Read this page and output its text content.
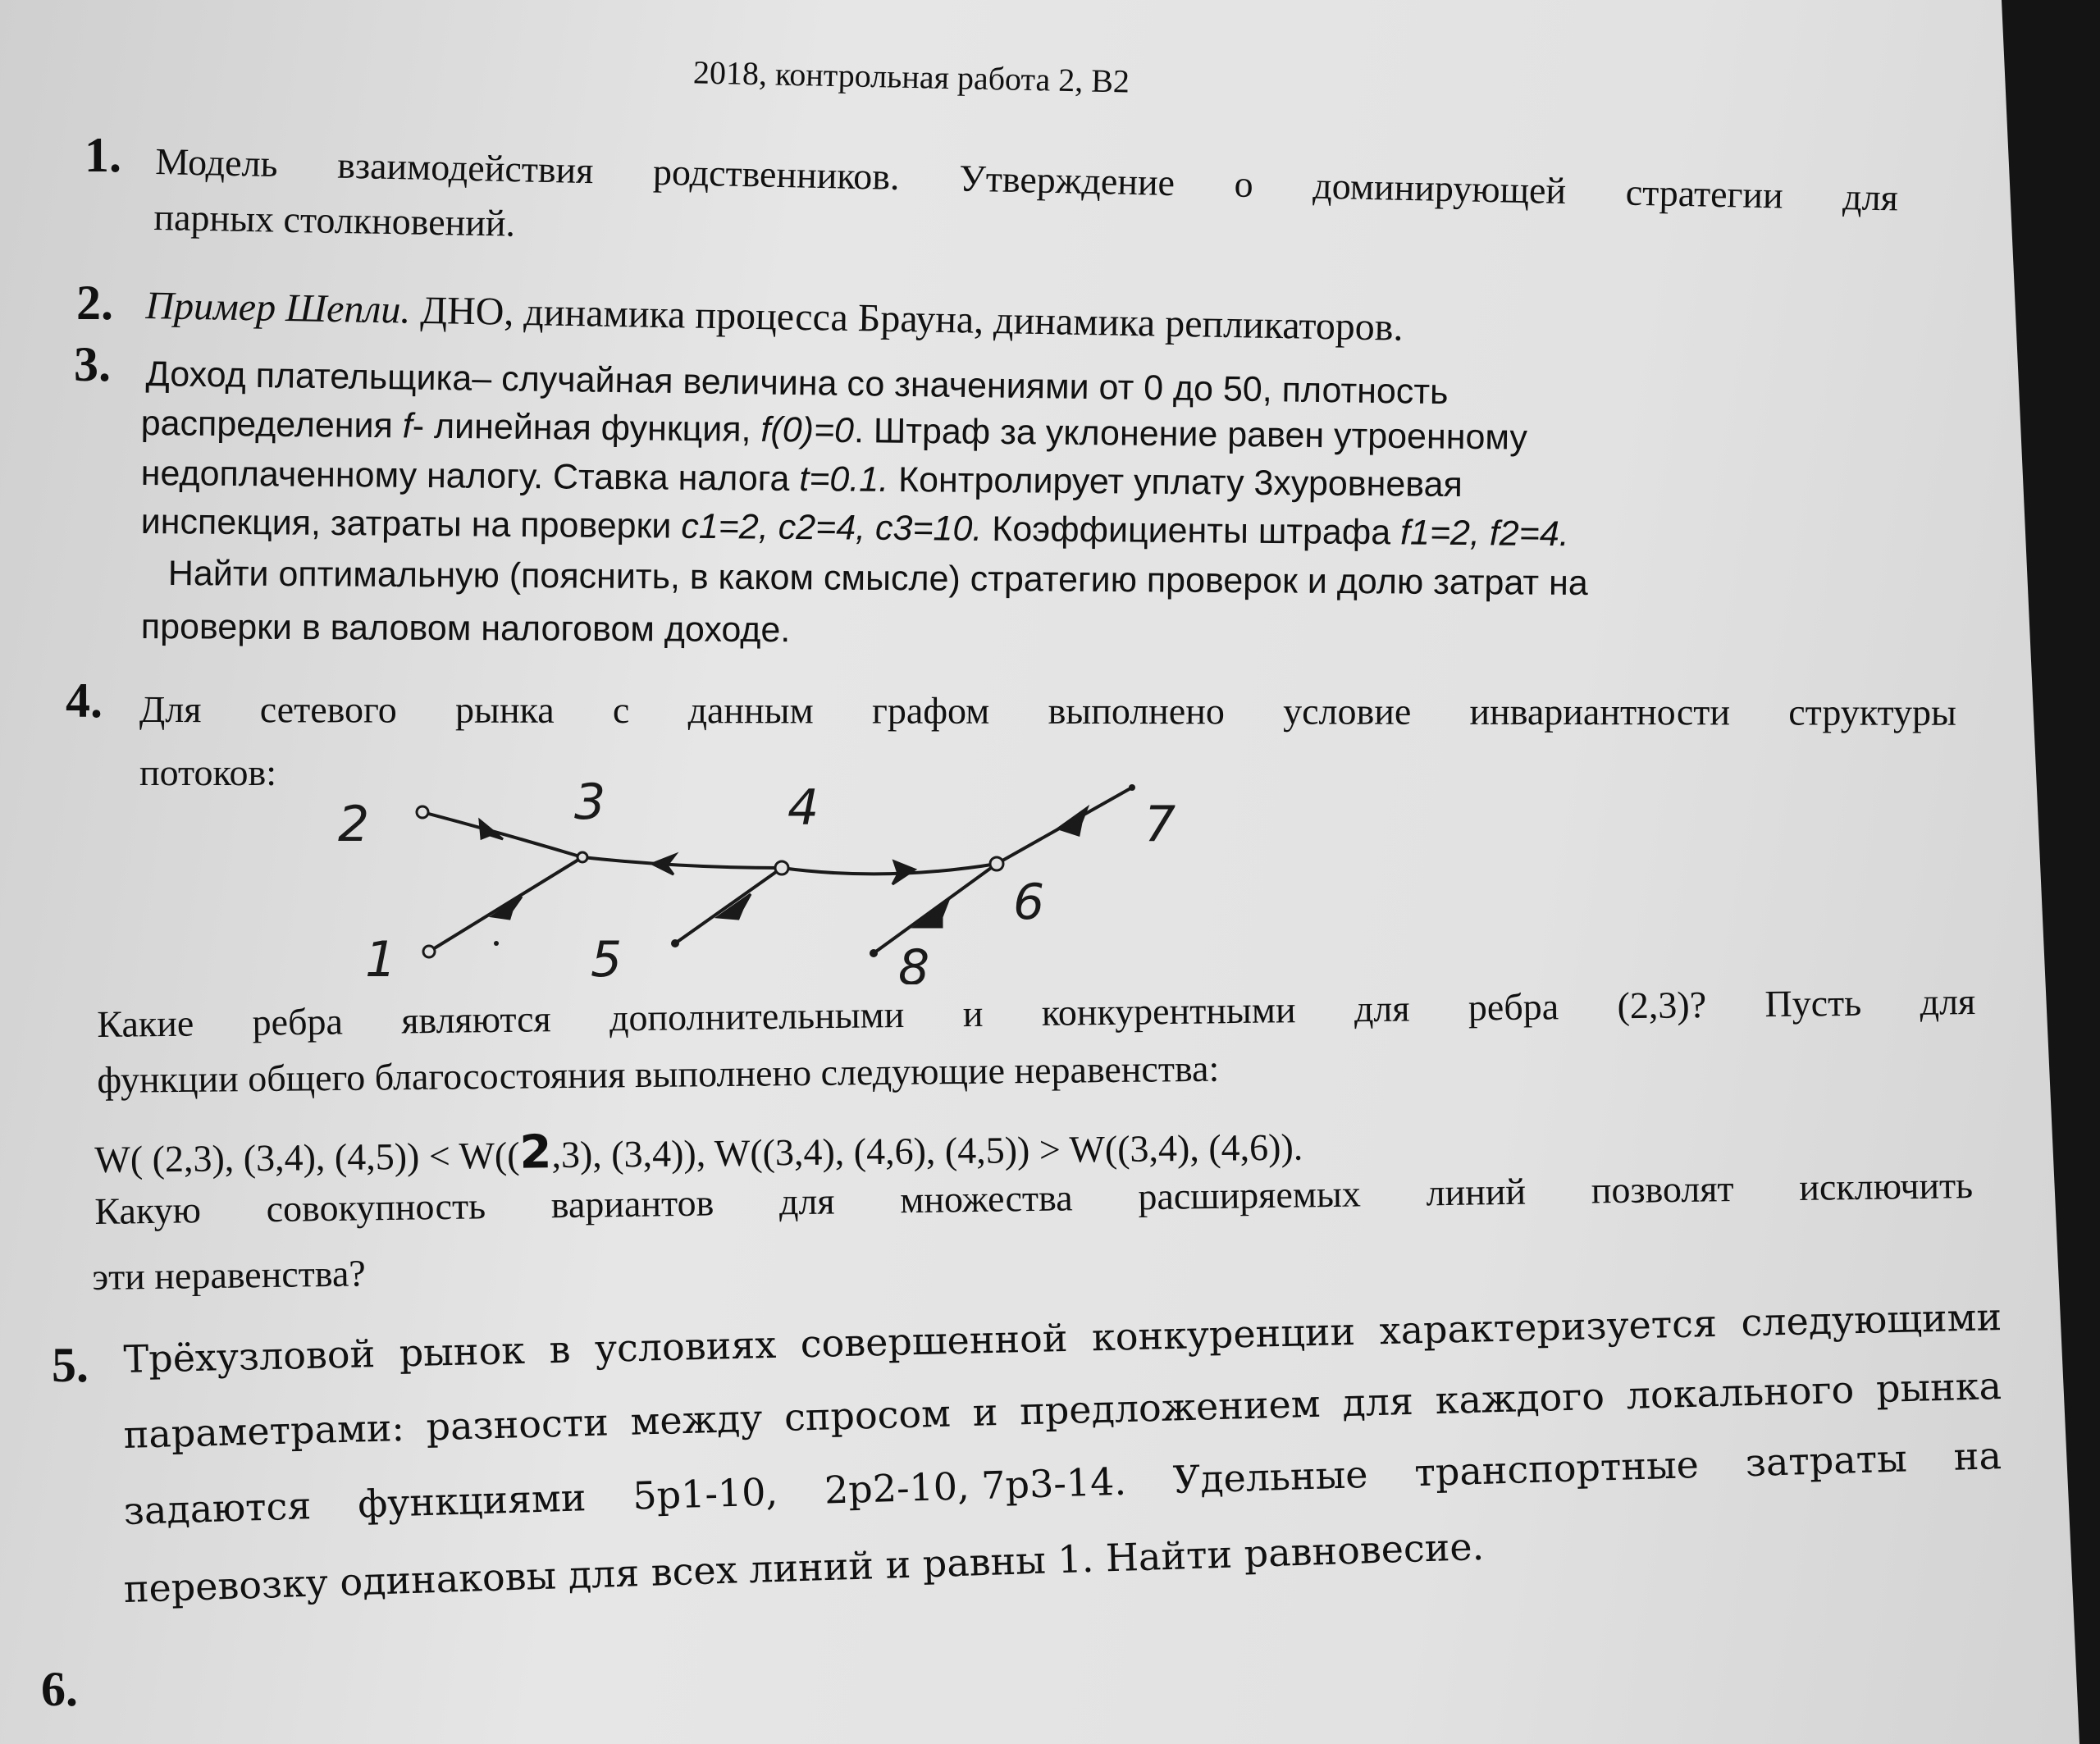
2018, контрольная работа 2, В2
1. Модель взаимодействия родственников. Утверждение о доминирующей стратегии для
парных столкновений.
2. Пример Шепли. ДНО, динамика процесса Брауна, динамика репликаторов.
3. Доход плательщика– случайная величина со значениями от 0 до 50, плотность
распределения f- линейная функция, f(0)=0. Штраф за уклонение равен утроенному
недоплаченному налогу. Ставка налога t=0.1. Контролирует уплату 3хуровневая
инспекция, затраты на проверки c1=2, c2=4, c3=10. Коэффициенты штрафа f1=2, f2=4.
Найти оптимальную (пояснить, в каком смысле) стратегию проверок и долю затрат на
проверки в валовом налоговом доходе.
4. Для сетевого рынка с данным графом выполнено условие инвариантности структуры
потоков:
2	3	4	7
6
1	5	8
Какие ребра являются дополнительными и конкурентными для ребра (2,3)? Пусть для
функции общего благосостояния выполнено следующие неравенства:
W( (2,3), (3,4), (4,5)) < W((2,3), (3,4)), W((3,4), (4,6), (4,5)) > W((3,4), (4,6)).
Какую совокупность вариантов для множества расширяемых линий позволят исключить
эти неравенства?
5. Трёхузловой рынок в условиях совершенной конкуренции характеризуется следующими
параметрами: разности между спросом и предложением для каждого локального рынка
задаются функциями 5p1-10, 2p2-10, 7p3-14. Удельные транспортные затраты на
перевозку одинаковы для всех линий и равны 1. Найти равновесие.
6.
